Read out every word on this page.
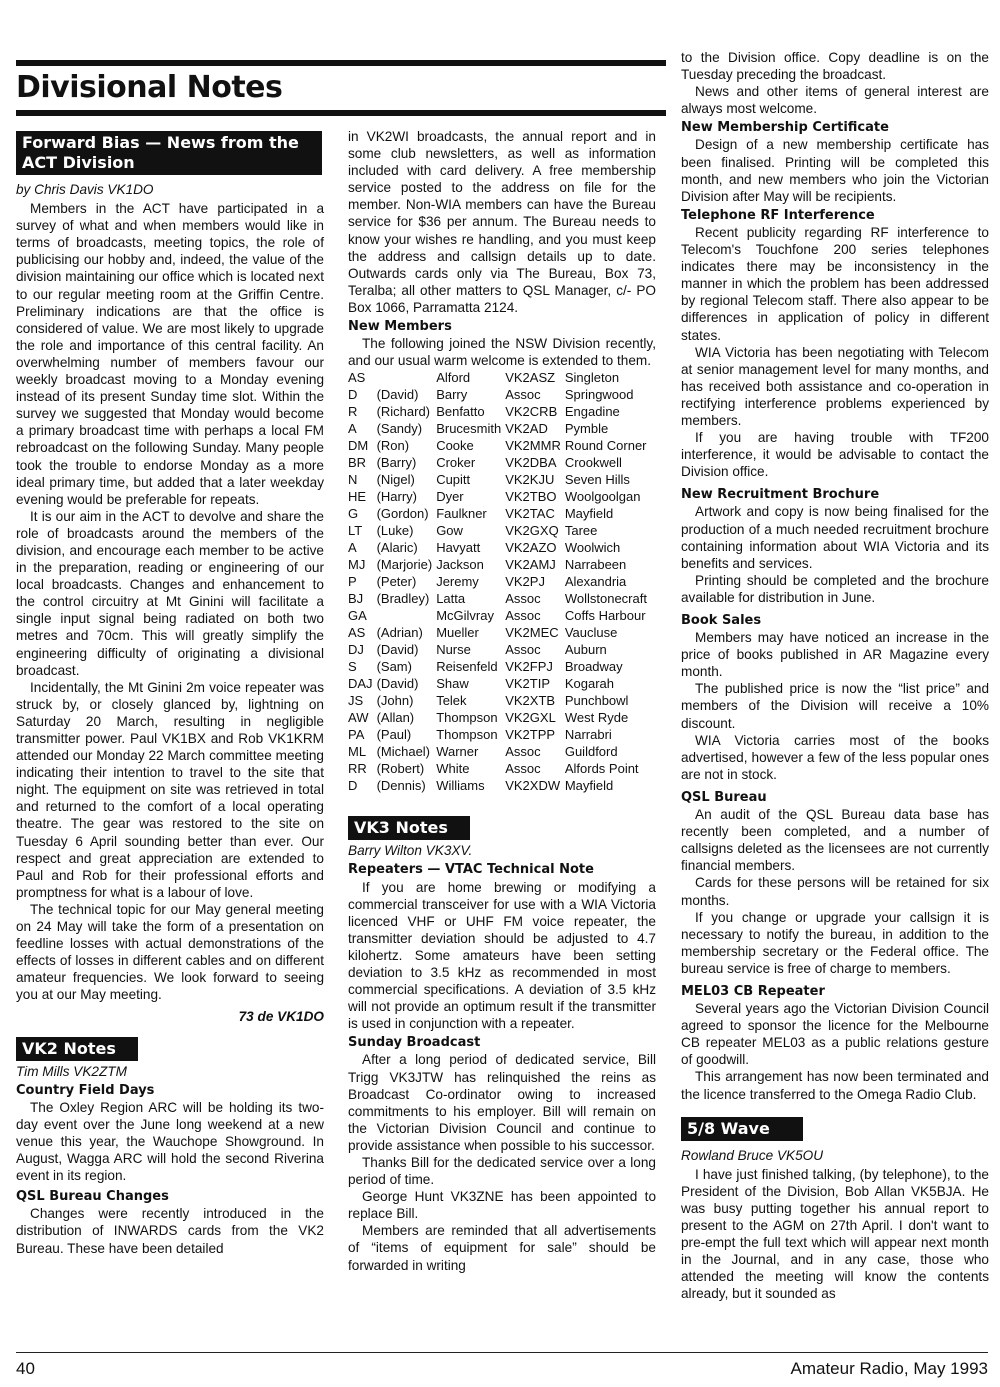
Divisional Notes
Forward Bias — News from the ACT Division
by Chris Davis VK1DO

Members in the ACT have participated in a survey of what and when members would like in terms of broadcasts, meeting topics, the role of publicising our hobby and, indeed, the value of the division maintaining our office which is located next to our regular meeting room at the Griffin Centre. Preliminary indications are that the office is considered of value. We are most likely to upgrade the role and importance of this central facility. An overwhelming number of members favour our weekly broadcast moving to a Monday evening instead of its present Sunday time slot. Within the survey we suggested that Monday would become a primary broadcast time with perhaps a local FM rebroadcast on the following Sunday. Many people took the trouble to endorse Monday as a more ideal primary time, but added that a later weekday evening would be preferable for repeats.

It is our aim in the ACT to devolve and share the role of broadcasts around the members of the division, and encourage each member to be active in the preparation, reading or engineering of our local broadcasts. Changes and enhancement to the control circuitry at Mt Ginini will facilitate a single input signal being radiated on both two metres and 70cm. This will greatly simplify the engineering difficulty of originating a divisional broadcast.

Incidentally, the Mt Ginini 2m voice repeater was struck by, or closely glanced by, lightning on Saturday 20 March, resulting in negligible transmitter power. Paul VK1BX and Rob VK1KRM attended our Monday 22 March committee meeting indicating their intention to travel to the site that night. The equipment on site was retrieved in total and returned to the comfort of a local operating theatre. The gear was restored to the site on Tuesday 6 April sounding better than ever. Our respect and great appreciation are extended to Paul and Rob for their professional efforts and promptness for what is a labour of love.

The technical topic for our May general meeting on 24 May will take the form of a presentation on feedline losses with actual demonstrations of the effects of losses in different cables and on different amateur frequencies. We look forward to seeing you at our May meeting.

73 de VK1DO
VK2 Notes
Tim Mills VK2ZTM
Country Field Days

The Oxley Region ARC will be holding its two-day event over the June long weekend at a new venue this year, the Wauchope Showground. In August, Wagga ARC will hold the second Riverina event in its region.

QSL Bureau Changes

Changes were recently introduced in the distribution of INWARDS cards from the VK2 Bureau. These have been detailed

in VK2WI broadcasts, the annual report and in some club newsletters, as well as information included with card delivery. A free membership service posted to the address on file for the member. Non-WIA members can have the Bureau service for $36 per annum. The Bureau needs to know your wishes re handling, and you must keep the address and callsign details up to date. Outwards cards only via The Bureau, Box 73, Teralba; all other matters to QSL Manager, c/- PO Box 1066, Parramatta 2124.

New Members

The following joined the NSW Division recently, and our usual warm welcome is extended to them.

AS		Alford	VK2ASZ	Singleton
D	(David)	Barry	Assoc	Springwood
R	(Richard)	Benfatto	VK2CRB	Engadine
A	(Sandy)	Brucesmith	VK2AD	Pymble
DM	(Ron)	Cooke	VK2MMR	Round Corner
BR	(Barry)	Croker	VK2DBA	Crookwell
N	(Nigel)	Cupitt	VK2KJU	Seven Hills
HE	(Harry)	Dyer	VK2TBO	Woolgoolgan
G	(Gordon)	Faulkner	VK2TAC	Mayfield
LT	(Luke)	Gow	VK2GXQ	Taree
A	(Alaric)	Havyatt	VK2AZO	Woolwich
MJ	(Marjorie)	Jackson	VK2AMJ	Narrabeen
P	(Peter)	Jeremy	VK2PJ	Alexandria
BJ	(Bradley)	Latta	Assoc	Wollstonecraft
GA		McGilvray	Assoc	Coffs Harbour
AS	(Adrian)	Mueller	VK2MEC	Vaucluse
DJ	(David)	Nurse	Assoc	Auburn
S	(Sam)	Reisenfeld	VK2FPJ	Broadway
DAJ	(David)	Shaw	VK2TIP	Kogarah
JS	(John)	Telek	VK2XTB	Punchbowl
AW	(Allan)	Thompson	VK2GXL	West Ryde
PA	(Paul)	Thompson	VK2TPP	Narrabri
ML	(Michael)	Warner	Assoc	Guildford
RR	(Robert)	White	Assoc	Alfords Point
D	(Dennis)	Williams	VK2XDW	Mayfield
VK3 Notes
Barry Wilton VK3XV.
Repeaters — VTAC Technical Note

If you are home brewing or modifying a commercial transceiver for use with a WIA Victoria licenced VHF or UHF FM voice repeater, the transmitter deviation should be adjusted to 4.7 kilohertz. Some amateurs have been setting deviation to 3.5 kHz as recommended in most commercial specifications. A deviation of 3.5 kHz will not provide an optimum result if the transmitter is used in conjunction with a repeater.

Sunday Broadcast

After a long period of dedicated service, Bill Trigg VK3JTW has relinquished the reins as Broadcast Co-ordinator owing to increased commitments to his employer. Bill will remain on the Victorian Division Council and continue to provide assistance when possible to his successor.

Thanks Bill for the dedicated service over a long period of time.

George Hunt VK3ZNE has been appointed to replace Bill.

Members are reminded that all advertisements of “items of equipment for sale” should be forwarded in writing

to the Division office. Copy deadline is on the Tuesday preceding the broadcast.

News and other items of general interest are always most welcome.

New Membership Certificate

Design of a new membership certificate has been finalised. Printing will be completed this month, and new members who join the Victorian Division after May will be recipients.

Telephone RF Interference

Recent publicity regarding RF interference to Telecom's Touchfone 200 series telephones indicates there may be inconsistency in the manner in which the problem has been addressed by regional Telecom staff. There also appear to be differences in application of policy in different states.

WIA Victoria has been negotiating with Telecom at senior management level for many months, and has received both assistance and co-operation in rectifying interference problems experienced by members.

If you are having trouble with TF200 interference, it would be advisable to contact the Division office.

New Recruitment Brochure

Artwork and copy is now being finalised for the production of a much needed recruitment brochure containing information about WIA Victoria and its benefits and services.

Printing should be completed and the brochure available for distribution in June.

Book Sales

Members may have noticed an increase in the price of books published in AR Magazine every month.

The published price is now the “list price” and members of the Division will receive a 10% discount.

WIA Victoria carries most of the books advertised, however a few of the less popular ones are not in stock.

QSL Bureau

An audit of the QSL Bureau data base has recently been completed, and a number of callsigns deleted as the licensees are not currently financial members.

Cards for these persons will be retained for six months.

If you change or upgrade your callsign it is necessary to notify the bureau, in addition to the membership secretary or the Federal office. The bureau service is free of charge to members.

MEL03 CB Repeater

Several years ago the Victorian Division Council agreed to sponsor the licence for the Melbourne CB repeater MEL03 as a public relations gesture of goodwill.

This arrangement has now been terminated and the licence transferred to the Omega Radio Club.

5/8 Wave
Rowland Bruce VK5OU

I have just finished talking, (by telephone), to the President of the Division, Bob Allan VK5BJA. He was busy putting together his annual report to present to the AGM on 27th April. I don't want to pre-empt the full text which will appear next month in the Journal, and in any case, those who attended the meeting will know the contents already, but it sounded as

40	Amateur Radio, May 1993
